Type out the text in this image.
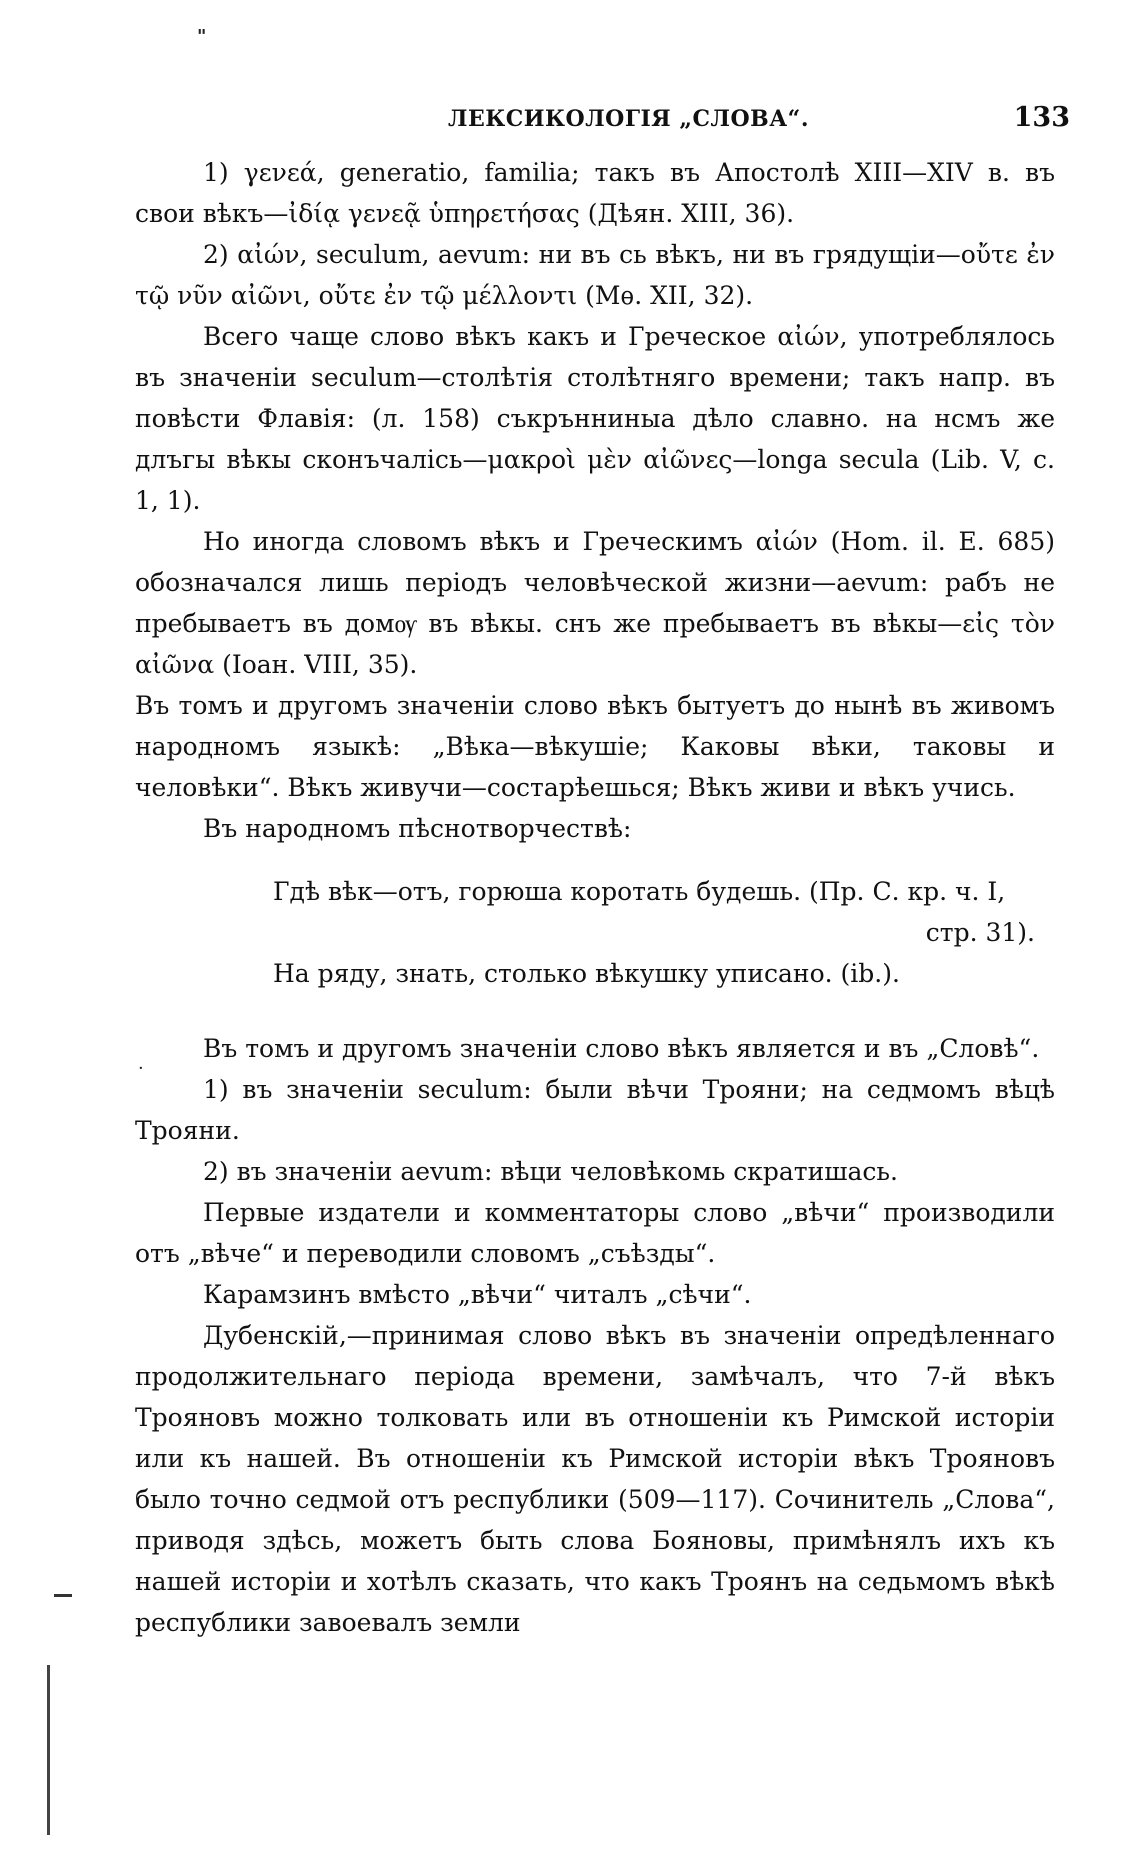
"
·
ЛЕКСИКОЛОГІЯ „СЛОВА“.	133

1) γενεά, generatio, familia; такъ въ Апостолѣ XIII—XIV в. въ свои вѣкъ—ἰδίᾳ γενεᾷ ὑπηρετήσας (Дѣян. XIII, 36).

2) αἰών, seculum, aevum: ни въ сь вѣкъ, ни въ грядущіи—οὔτε ἐν τῷ νῦν αἰῶνι, οὔτε ἐν τῷ μέλλοντι (Мѳ. XII, 32).

Всего чаще слово вѣкъ какъ и Греческое αἰών, употреблялось въ значеніи seculum—столѣтія столѣтняго времени; такъ напр. въ повѣсти Флавія: (л. 158) съкрънниныа дѣло славно. на нсмъ же длъгы вѣкы сконъчалісь—μακροὶ μὲν αἰῶνες—longa secula (Lib. V, с. 1, 1).

Но иногда словомъ вѣкъ и Греческимъ αἰών (Hom. il. E. 685) обозначался лишь періодъ человѣческой жизни—aevum: рабъ не пребываетъ въ домѹ въ вѣкы. снъ же пребываетъ въ вѣкы—εἰς τὸν αἰῶνα (Іоан. VIII, 35).

Въ томъ и другомъ значеніи слово вѣкъ бытуетъ до нынѣ въ живомъ народномъ языкѣ: „Вѣка—вѣкушіе; Каковы вѣки, таковы и человѣки“. Вѣкъ живучи—состарѣешься; Вѣкъ живи и вѣкъ учись.

Въ народномъ пѣснотворчествѣ:

Гдѣ вѣк—отъ, горюша коротать будешь. (Пр. С. кр. ч. I,

стр. 31).

На ряду, знать, столько вѣкушку уписано. (ib.).

Въ томъ и другомъ значеніи слово вѣкъ является и въ „Словѣ“.

1) въ значеніи seculum: были вѣчи Трояни; на седмомъ вѣцѣ Трояни.

2) въ значеніи aevum: вѣци человѣкомь скратишась.

Первые издатели и комментаторы слово „вѣчи“ производили отъ „вѣче“ и переводили словомъ „съѣзды“.

Карамзинъ вмѣсто „вѣчи“ читалъ „сѣчи“.

Дубенскій,—принимая слово вѣкъ въ значеніи опредѣленнаго продолжительнаго періода времени, замѣчалъ, что 7-й вѣкъ Трояновъ можно толковать или въ отношеніи къ Римской исторіи или къ нашей. Въ отношеніи къ Римской исторіи вѣкъ Трояновъ было точно седмой отъ республики (509—117). Сочинитель „Слова“, приводя здѣсь, можетъ быть слова Бояновы, примѣнялъ ихъ къ нашей исторіи и хотѣлъ сказать, что какъ Троянъ на седьмомъ вѣкѣ республики завоевалъ земли
